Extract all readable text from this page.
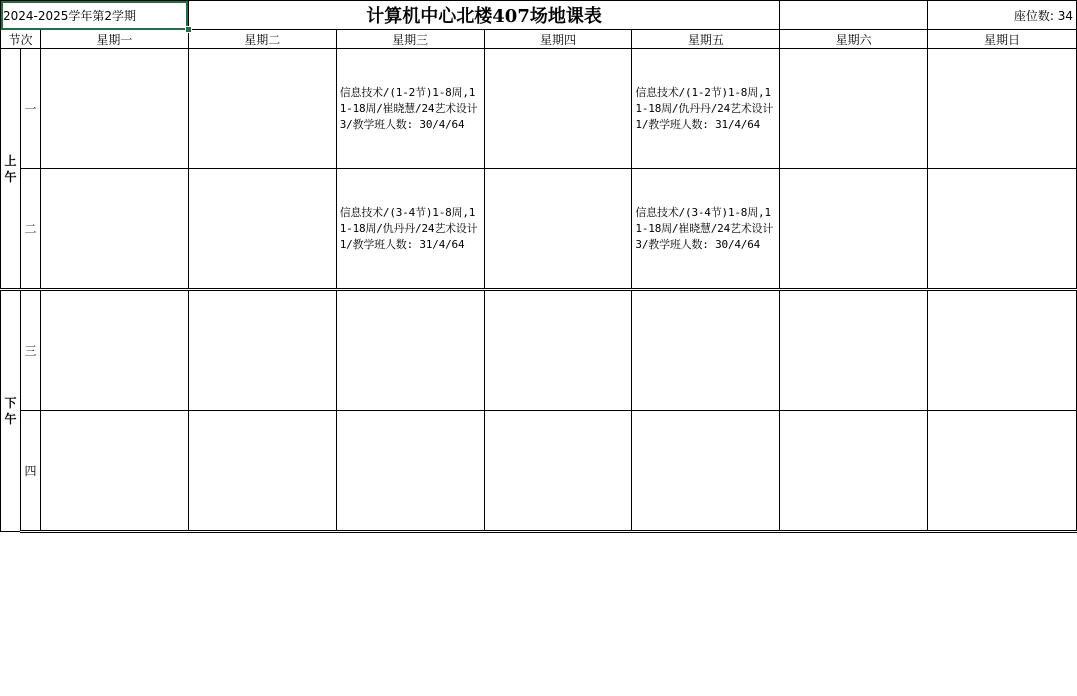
2024-2025学年第2学期			计算机中心北楼407场地课表					座位数: 34
节次		星期一	星期二	星期三	星期四	星期五	星期六	星期日
上午	一			信息技术/(1-2节)1-8周,11-18周/崔晓慧/24艺术设计3/教学班人数: 30/4/64		信息技术/(1-2节)1-8周,11-18周/仇丹丹/24艺术设计1/教学班人数: 31/4/64		

	二			信息技术/(3-4节)1-8周,11-18周/仇丹丹/24艺术设计1/教学班人数: 31/4/64		信息技术/(3-4节)1-8周,11-18周/崔晓慧/24艺术设计3/教学班人数: 30/4/64		

下午	三	

	四	
